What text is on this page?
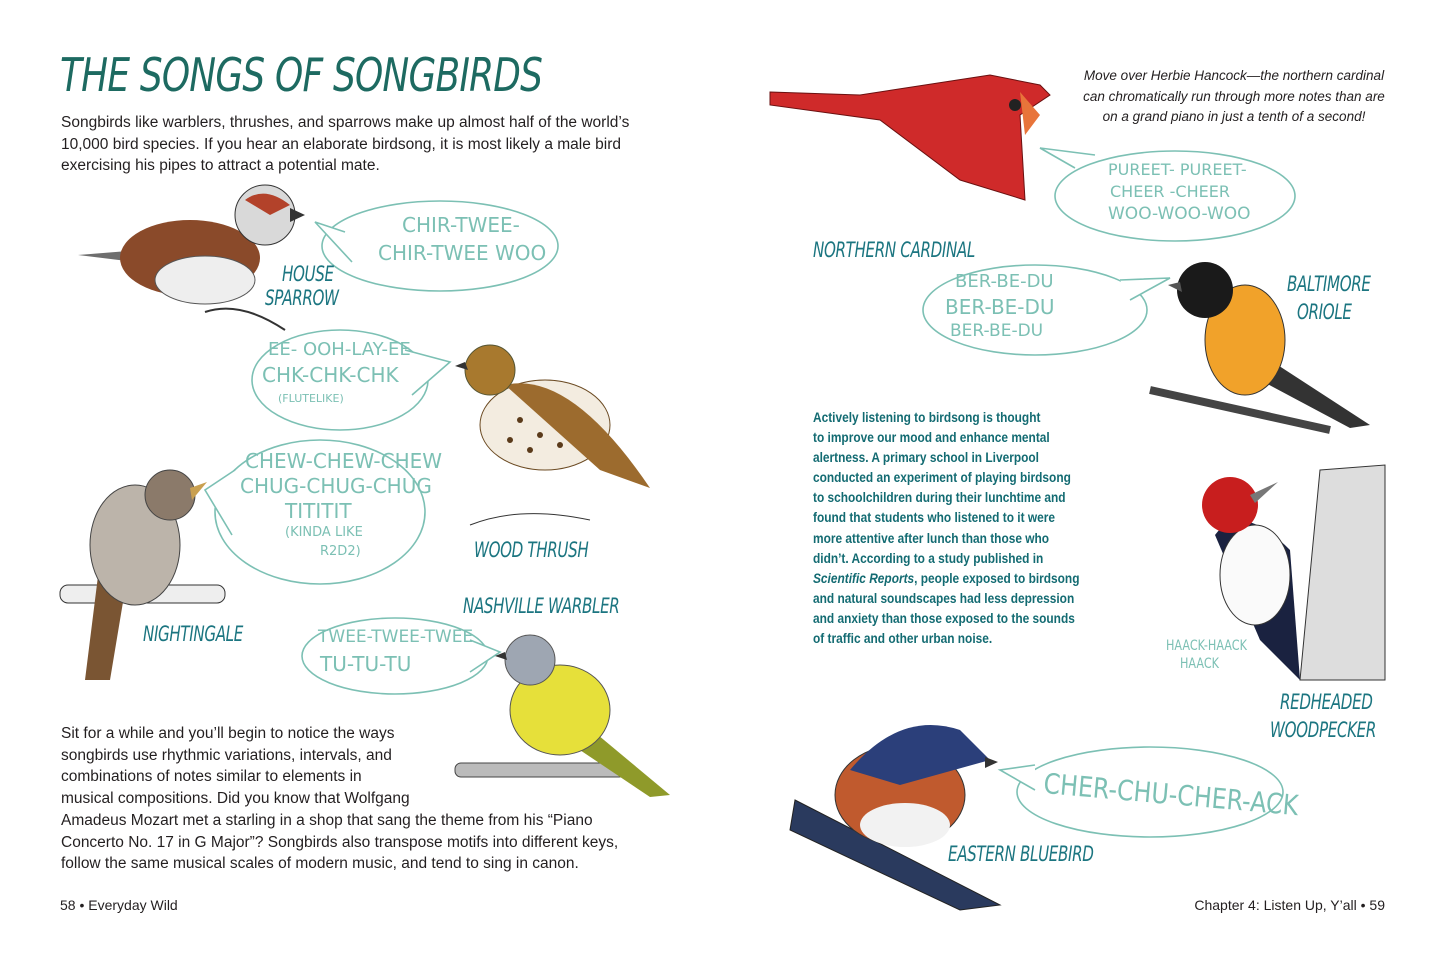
THE SONGS OF SONGBIRDS
Songbirds like warblers, thrushes, and sparrows make up almost half of the world’s 10,000 bird species. If you hear an elaborate birdsong, it is most likely a male bird exercising his pipes to attract a potential mate.
HOUSE
SPARROW
CHIR-TWEE-
CHIR-TWEE WOO
WOOD THRUSH
EE- OOH-LAY-EE
CHK-CHK-CHK
(FLUTELIKE)
NIGHTINGALE
CHEW-CHEW-CHEW
CHUG-CHUG-CHUG
TITITIT
(KINDA LIKE
R2D2)
NASHVILLE WARBLER
TWEE-TWEE-TWEE
TU-TU-TU
Sit for a while and you’ll begin to notice the ways
songbirds use rhythmic variations, intervals, and
combinations of notes similar to elements in
musical compositions. Did you know that Wolfgang
Amadeus Mozart met a starling in a shop that sang the theme from his “Piano
Concerto No. 17 in G Major”? Songbirds also transpose motifs into different keys,
follow the same musical scales of modern music, and tend to sing in canon.
58 • Everyday Wild
Move over Herbie Hancock—the northern cardinal can chromatically run through more notes than are on a grand piano in just a tenth of a second!
NORTHERN CARDINAL
PUREET- PUREET-
CHEER -CHEER
WOO-WOO-WOO
BALTIMORE
ORIOLE
BER-BE-DU
BER-BE-DU
BER-BE-DU
Actively listening to birdsong is thought
to improve our mood and enhance mental
alertness. A primary school in Liverpool
conducted an experiment of playing birdsong
to schoolchildren during their lunchtime and
found that students who listened to it were
more attentive after lunch than those who
didn’t. According to a study published in
Scientific Reports, people exposed to birdsong
and natural soundscapes had less depression
and anxiety than those exposed to the sounds
of traffic and other urban noise.	HAACK-HAACK
HAACK
REDHEADED
WOODPECKER
CHER-CHU-CHER-ACK
EASTERN BLUEBIRD
Chapter 4: Listen Up, Y’all • 59
